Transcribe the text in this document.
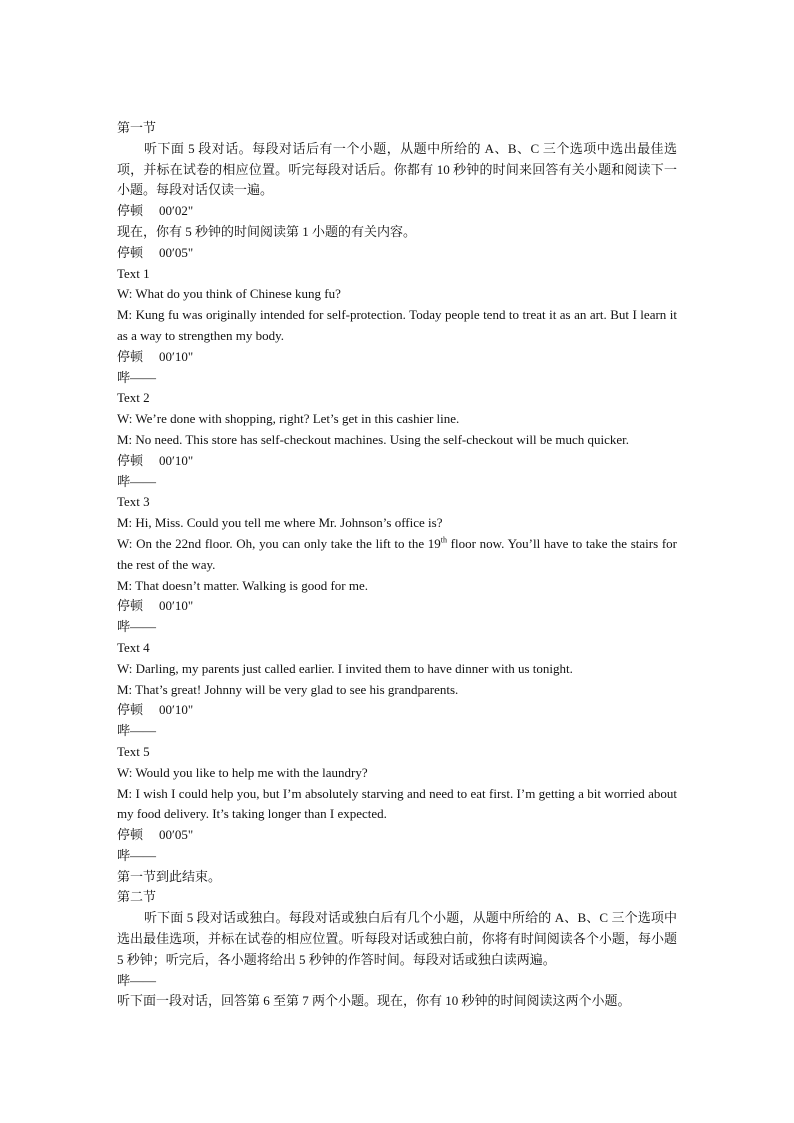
第一节
听下面 5 段对话。每段对话后有一个小题，从题中所给的 A、B、C 三个选项中选出最佳选项，并标在试卷的相应位置。听完每段对话后。你都有 10 秒钟的时间来回答有关小题和阅读下一小题。每段对话仅读一遍。
停顿 00′02"
现在，你有 5 秒钟的时间阅读第 1 小题的有关内容。
停顿 00′05"
Text 1
W: What do you think of Chinese kung fu?
M: Kung fu was originally intended for self-protection. Today people tend to treat it as an art. But I learn it as a way to strengthen my body.
停顿 00′10"
哔——
Text 2
W: We’re done with shopping, right? Let’s get in this cashier line.
M: No need. This store has self-checkout machines. Using the self-checkout will be much quicker.
停顿 00′10"
哔——
Text 3
M: Hi, Miss. Could you tell me where Mr. Johnson’s office is?
W: On the 22nd floor. Oh, you can only take the lift to the 19th floor now. You’ll have to take the stairs for the rest of the way.
M: That doesn’t matter. Walking is good for me.
停顿 00′10"
哔——
Text 4
W: Darling, my parents just called earlier. I invited them to have dinner with us tonight.
M: That’s great! Johnny will be very glad to see his grandparents.
停顿 00′10"
哔——
Text 5
W: Would you like to help me with the laundry?
M: I wish I could help you, but I’m absolutely starving and need to eat first. I’m getting a bit worried about my food delivery. It’s taking longer than I expected.
停顿 00′05"
哔——
第一节到此结束。
第二节
听下面 5 段对话或独白。每段对话或独白后有几个小题，从题中所给的 A、B、C 三个选项中选出最佳选项，并标在试卷的相应位置。听每段对话或独白前，你将有时间阅读各个小题，每小题 5 秒钟；听完后，各小题将给出 5 秒钟的作答时间。每段对话或独白读两遍。
哔——
听下面一段对话，回答第 6 至第 7 两个小题。现在，你有 10 秒钟的时间阅读这两个小题。
